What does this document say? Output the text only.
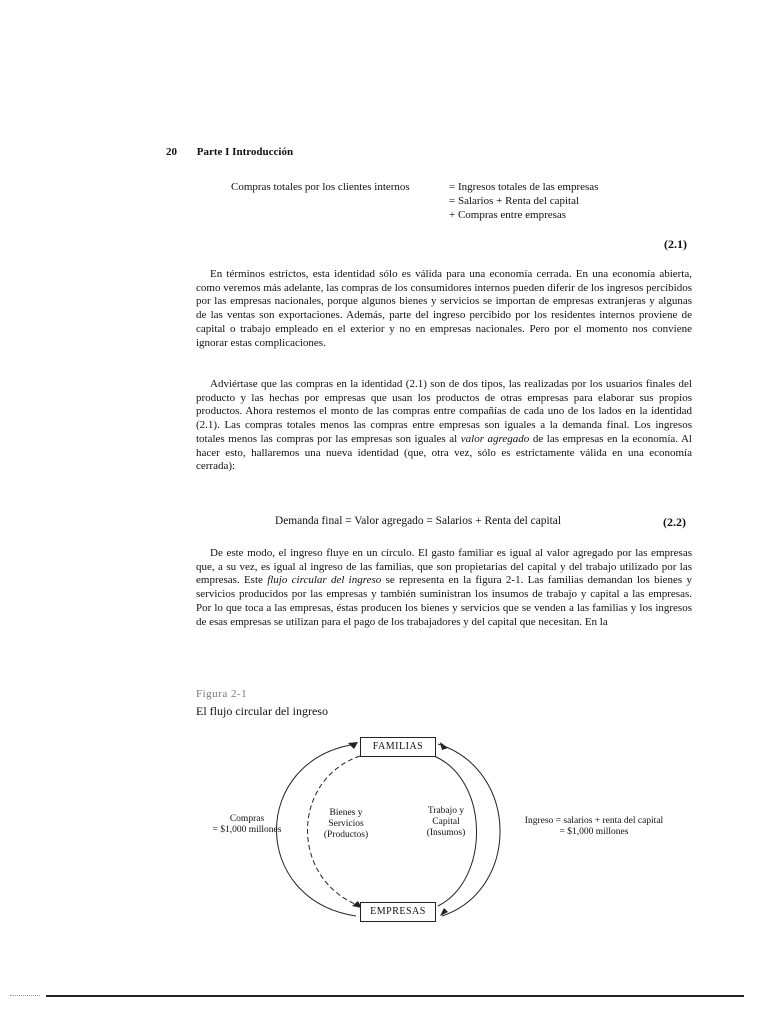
20 Parte I Introducción
Compras totales por los clientes internos	= Ingresos totales de las empresas
= Salarios + Renta del capital
+ Compras entre empresas
(2.1)

En términos estrictos, esta identidad sólo es válida para una economía cerrada. En una economía abierta, como veremos más adelante, las compras de los consumidores internos pueden diferir de los ingresos percibidos por las empresas nacionales, porque algunos bienes y servicios se importan de empresas extranjeras y algunas de las ventas son exportaciones. Además, parte del ingreso percibido por los residentes internos proviene de capital o trabajo empleado en el exterior y no en empresas nacionales. Pero por el momento nos conviene ignorar estas complicaciones.

Adviértase que las compras en la identidad (2.1) son de dos tipos, las realizadas por los usuarios finales del producto y las hechas por empresas que usan los productos de otras empresas para elaborar sus propios productos. Ahora restemos el monto de las compras entre compañías de cada uno de los lados en la identidad (2.1). Las compras totales menos las compras entre empresas son iguales a la demanda final. Los ingresos totales menos las compras por las empresas son iguales al valor agregado de las empresas en la economía. Al hacer esto, hallaremos una nueva identidad (que, otra vez, sólo es estrictamente válida en una economía cerrada):

Demanda final = Valor agregado = Salarios + Renta del capital	(2.2)

De este modo, el ingreso fluye en un círculo. El gasto familiar es igual al valor agregado por las empresas que, a su vez, es igual al ingreso de las familias, que son propietarias del capital y del trabajo utilizado por las empresas. Este flujo circular del ingreso se representa en la figura 2-1. Las familias demandan los bienes y servicios producidos por las empresas y también suministran los insumos de trabajo y capital a las empresas. Por lo que toca a las empresas, éstas producen los bienes y servicios que se venden a las familias y los ingresos de esas empresas se utilizan para el pago de los trabajadores y del capital que necesitan. En la

Figura 2-1
El flujo circular del ingreso
FAMILIAS
EMPRESAS
Bienes y
Servicios
(Productos)
Trabajo y
Capital
(Insumos)
Compras
= $1,000 millones
Ingreso = salarios + renta del capital
= $1,000 millones
